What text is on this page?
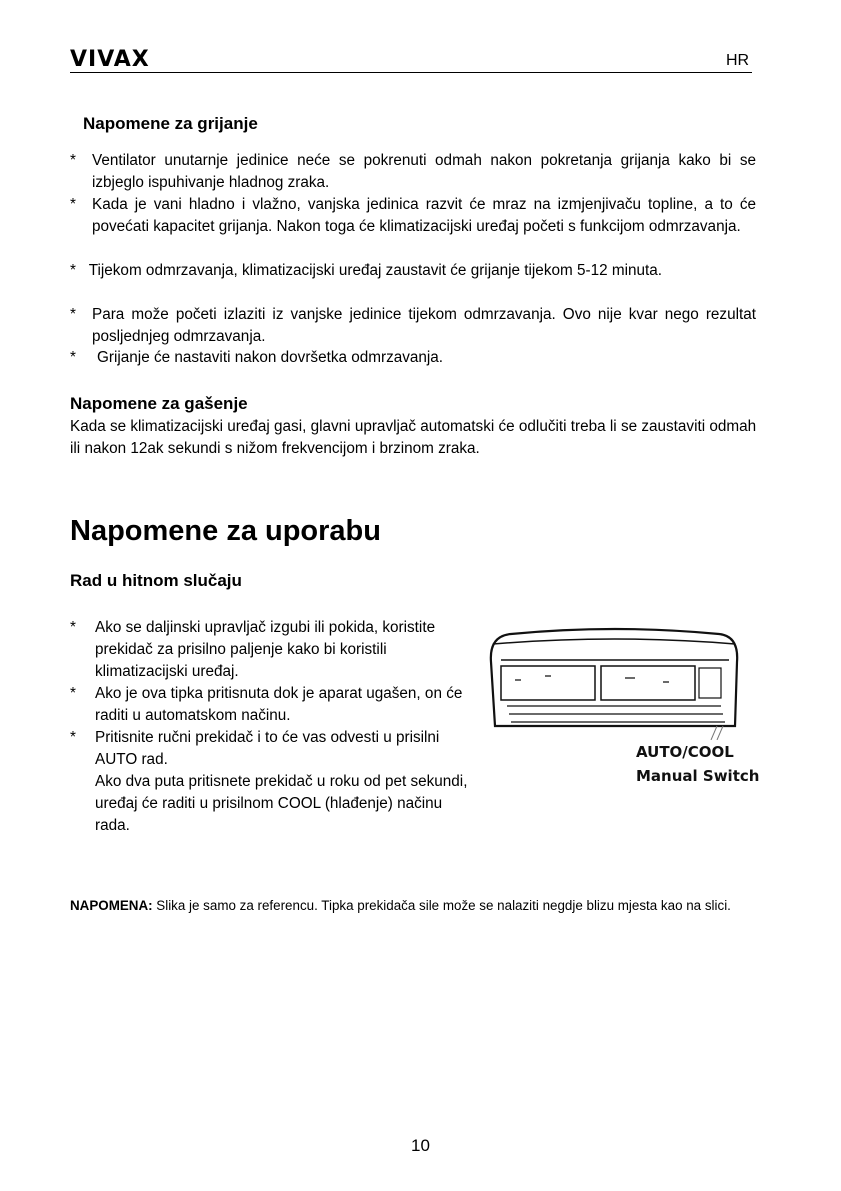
VIVAX	HR
Napomene za grijanje
* Ventilator unutarnje jedinice neće se pokrenuti odmah nakon pokretanja grijanja kako bi se izbjeglo ispuhivanje hladnog zraka.
* Kada je vani hladno i vlažno, vanjska jedinica razvit će mraz na izmjenjivaču topline, a to će povećati kapacitet grijanja. Nakon toga će klimatizacijski uređaj početi s funkcijom odmrzavanja.
* Tijekom odmrzavanja, klimatizacijski uređaj zaustavit će grijanje tijekom 5-12 minuta.
* Para može početi izlaziti iz vanjske jedinice tijekom odmrzavanja. Ovo nije kvar nego rezultat posljednjeg odmrzavanja.
* Grijanje će nastaviti nakon dovršetka odmrzavanja.
Napomene za gašenje
Kada se klimatizacijski uređaj gasi, glavni upravljač automatski će odlučiti treba li se zaustaviti odmah ili nakon 12ak sekundi s nižom frekvencijom i brzinom zraka.
Napomene za uporabu
Rad u hitnom slučaju
* Ako se daljinski upravljač izgubi ili pokida, koristite prekidač za prisilno paljenje kako bi koristili klimatizacijski uređaj.
* Ako je ova tipka pritisnuta dok je aparat ugašen, on će raditi u automatskom načinu.
* Pritisnite ručni prekidač i to će vas odvesti u prisilni AUTO rad.
Ako dva puta pritisnete prekidač u roku od pet sekundi, uređaj će raditi u prisilnom COOL (hlađenje) načinu rada.
AUTO/COOL
Manual Switch
NAPOMENA: Slika je samo za referencu. Tipka prekidača sile može se nalaziti negdje blizu mjesta kao na slici.
10
